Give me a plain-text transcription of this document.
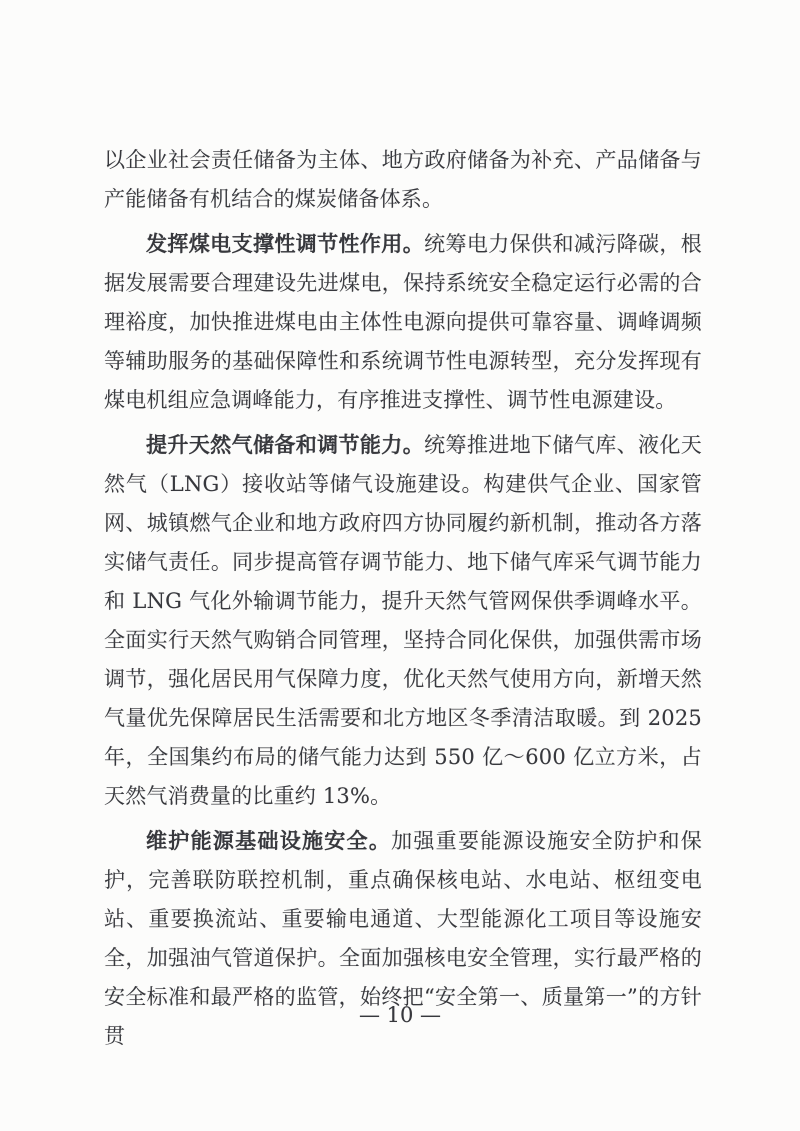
以企业社会责任储备为主体、地方政府储备为补充、产品储备与产能储备有机结合的煤炭储备体系。

发挥煤电支撑性调节性作用。统筹电力保供和减污降碳，根据发展需要合理建设先进煤电，保持系统安全稳定运行必需的合理裕度，加快推进煤电由主体性电源向提供可靠容量、调峰调频等辅助服务的基础保障性和系统调节性电源转型，充分发挥现有煤电机组应急调峰能力，有序推进支撑性、调节性电源建设。

提升天然气储备和调节能力。统筹推进地下储气库、液化天然气（LNG）接收站等储气设施建设。构建供气企业、国家管网、城镇燃气企业和地方政府四方协同履约新机制，推动各方落实储气责任。同步提高管存调节能力、地下储气库采气调节能力和 LNG 气化外输调节能力，提升天然气管网保供季调峰水平。全面实行天然气购销合同管理，坚持合同化保供，加强供需市场调节，强化居民用气保障力度，优化天然气使用方向，新增天然气量优先保障居民生活需要和北方地区冬季清洁取暖。到 2025 年，全国集约布局的储气能力达到 550 亿～600 亿立方米，占天然气消费量的比重约 13%。

维护能源基础设施安全。加强重要能源设施安全防护和保护，完善联防联控机制，重点确保核电站、水电站、枢纽变电站、重要换流站、重要输电通道、大型能源化工项目等设施安全，加强油气管道保护。全面加强核电安全管理，实行最严格的安全标准和最严格的监管，始终把“安全第一、质量第一”的方针贯

— 10 —
